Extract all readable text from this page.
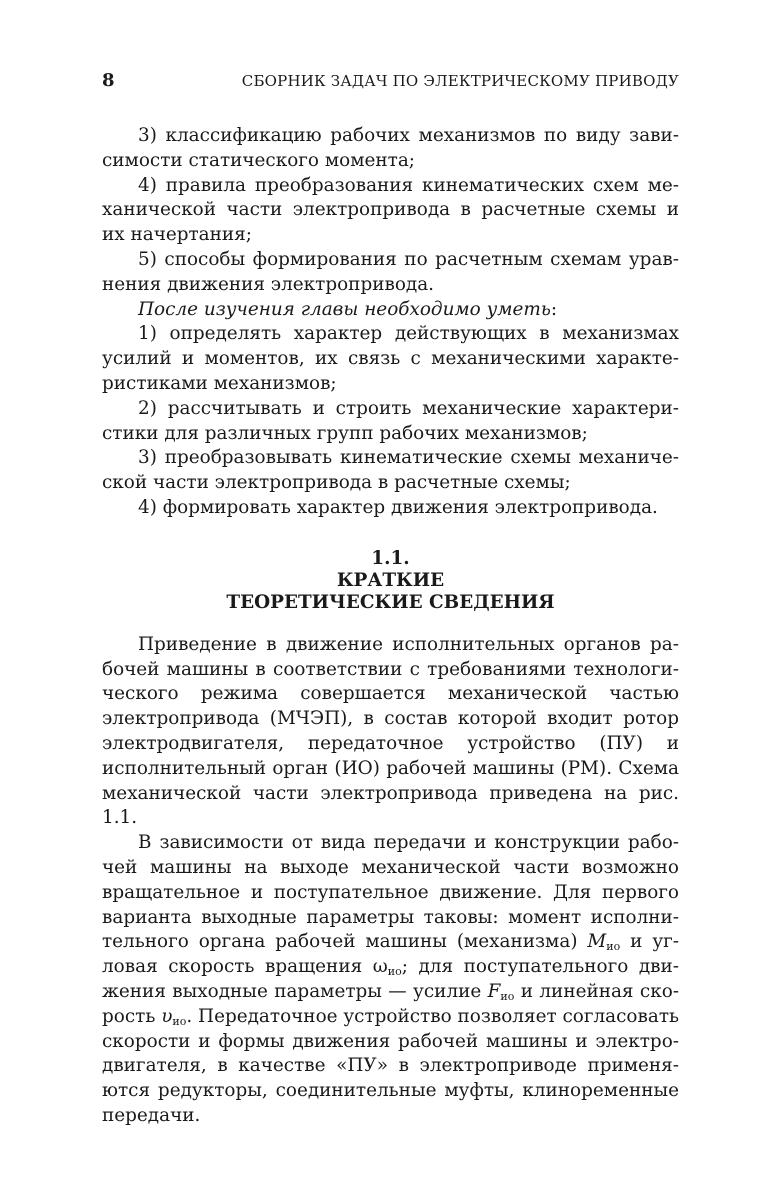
8	СБОРНИК ЗАДАЧ ПО ЭЛЕКТРИЧЕСКОМУ ПРИВОДУ

3) классификацию рабочих механизмов по виду зависимости статического момента;

4) правила преобразования кинематических схем механической части электропривода в расчетные схемы и их начертания;

5) способы формирования по расчетным схемам уравнения движения электропривода.

После изучения главы необходимо уметь:

1) определять характер действующих в механизмах усилий и моментов, их связь с механическими характеристиками механизмов;

2) рассчитывать и строить механические характеристики для различных групп рабочих механизмов;

3) преобразовывать кинематические схемы механической части электропривода в расчетные схемы;

4) формировать характер движения электропривода.

1.1.
КРАТКИЕ
ТЕОРЕТИЧЕСКИЕ СВЕДЕНИЯ

Приведение в движение исполнительных органов рабочей машины в соответствии с требованиями технологического режима совершается механической частью электропривода (МЧЭП), в состав которой входит ротор электродвигателя, передаточное устройство (ПУ) и исполнительный орган (ИО) рабочей машины (РМ). Схема механической части электропривода приведена на рис. 1.1.

В зависимости от вида передачи и конструкции рабочей машины на выходе механической части возможно вращательное и поступательное движение. Для первого варианта выходные параметры таковы: момент исполнительного органа рабочей машины (механизма) $M_{ио}$ и угловая скорость вращения $\omega_{ио}$; для поступательного движения выходные параметры — усилие $F_{ио}$ и линейная скорость $\upsilon_{ио}$. Передаточное устройство позволяет согласовать скорости и формы движения рабочей машины и электродвигателя, в качестве «ПУ» в электроприводе применяются редукторы, соединительные муфты, клиноременные передачи.
